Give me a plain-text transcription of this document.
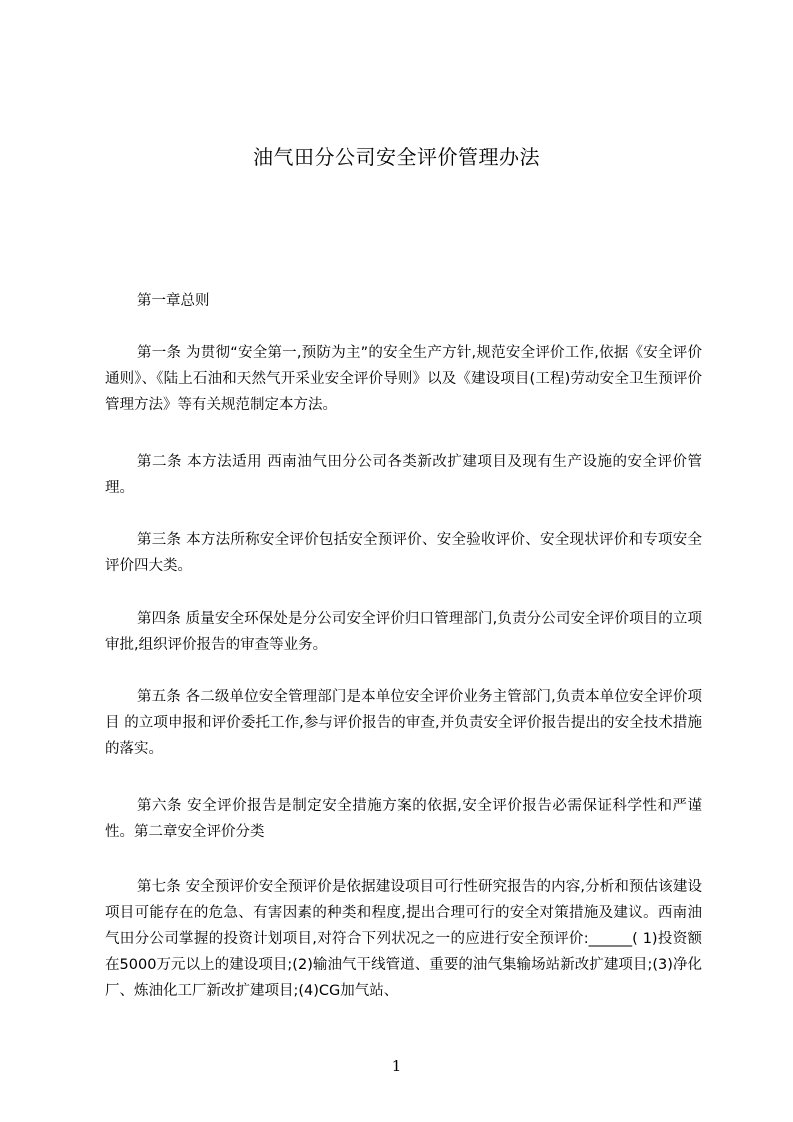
油气田分公司安全评价管理办法
第一章总则
第一条 为贯彻“安全第一,预防为主”的安全生产方针,规范安全评价工作,依据《安全评价通则》、《陆上石油和天然气开采业安全评价导则》以及《建设项目(工程)劳动安全卫生预评价管理方法》等有关规范制定本方法。
第二条 本方法适用 西南油气田分公司各类新改扩建项目及现有生产设施的安全评价管理。
第三条 本方法所称安全评价包括安全预评价、安全验收评价、安全现状评价和专项安全评价四大类。
第四条 质量安全环保处是分公司安全评价归口管理部门,负责分公司安全评价项目的立项审批,组织评价报告的审查等业务。
第五条 各二级单位安全管理部门是本单位安全评价业务主管部门,负责本单位安全评价项目 的立项申报和评价委托工作,参与评价报告的审查,并负责安全评价报告提出的安全技术措施的落实。
第六条 安全评价报告是制定安全措施方案的依据,安全评价报告必需保证科学性和严谨性。第二章安全评价分类
第七条 安全预评价安全预评价是依据建设项目可行性研究报告的内容,分析和预估该建设项目可能存在的危急、有害因素的种类和程度,提出合理可行的安全对策措施及建议。西南油气田分公司掌握的投资计划项目,对符合下列状况之一的应进行安全预评价:______( 1)投资额在5000万元以上的建设项目;(2)输油气干线管道、重要的油气集输场站新改扩建项目;(3)净化厂、炼油化工厂新改扩建项目;(4)CG加气站、
1
